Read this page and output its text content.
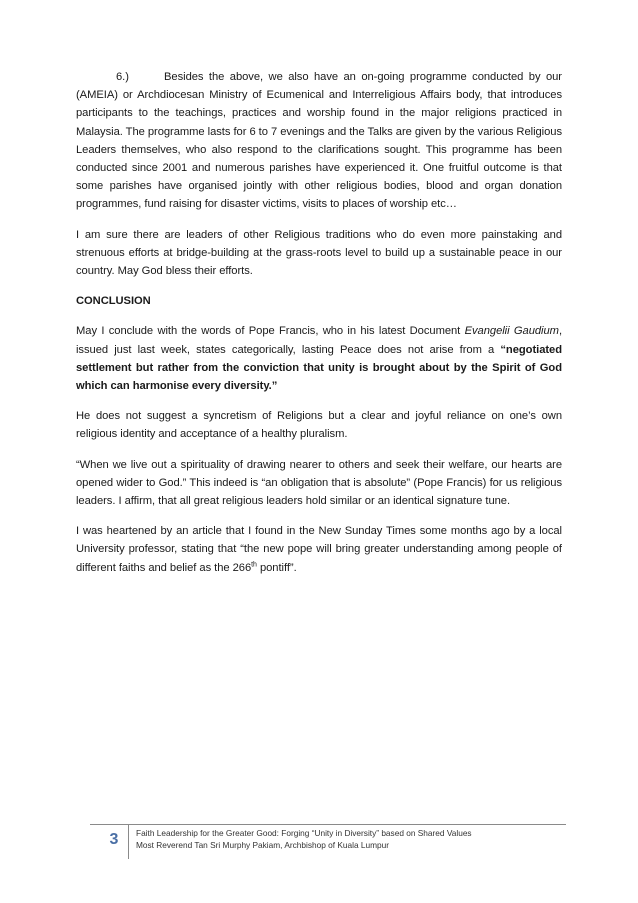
6.)	Besides the above, we also have an on-going programme conducted by our (AMEIA) or Archdiocesan Ministry of Ecumenical and Interreligious Affairs body, that introduces participants to the teachings, practices and worship found in the major religions practiced in Malaysia. The programme lasts for 6 to 7 evenings and the Talks are given by the various Religious Leaders themselves, who also respond to the clarifications sought. This programme has been conducted since 2001 and numerous parishes have experienced it. One fruitful outcome is that some parishes have organised jointly with other religious bodies, blood and organ donation programmes, fund raising for disaster victims, visits to places of worship etc…

I am sure there are leaders of other Religious traditions who do even more painstaking and strenuous efforts at bridge-building at the grass-roots level to build up a sustainable peace in our country. May God bless their efforts.

CONCLUSION

May I conclude with the words of Pope Francis, who in his latest Document Evangelii Gaudium, issued just last week, states categorically, lasting Peace does not arise from a “negotiated settlement but rather from the conviction that unity is brought about by the Spirit of God which can harmonise every diversity.”

He does not suggest a syncretism of Religions but a clear and joyful reliance on one’s own religious identity and acceptance of a healthy pluralism.

“When we live out a spirituality of drawing nearer to others and seek their welfare, our hearts are opened wider to God.” This indeed is “an obligation that is absolute” (Pope Francis) for us religious leaders. I affirm, that all great religious leaders hold similar or an identical signature tune.

I was heartened by an article that I found in the New Sunday Times some months ago by a local University professor, stating that “the new pope will bring greater understanding among people of different faiths and belief as the 266th pontiff”.

3	Faith Leadership for the Greater Good: Forging “Unity in Diversity” based on Shared Values
Most Reverend Tan Sri Murphy Pakiam, Archbishop of Kuala Lumpur
